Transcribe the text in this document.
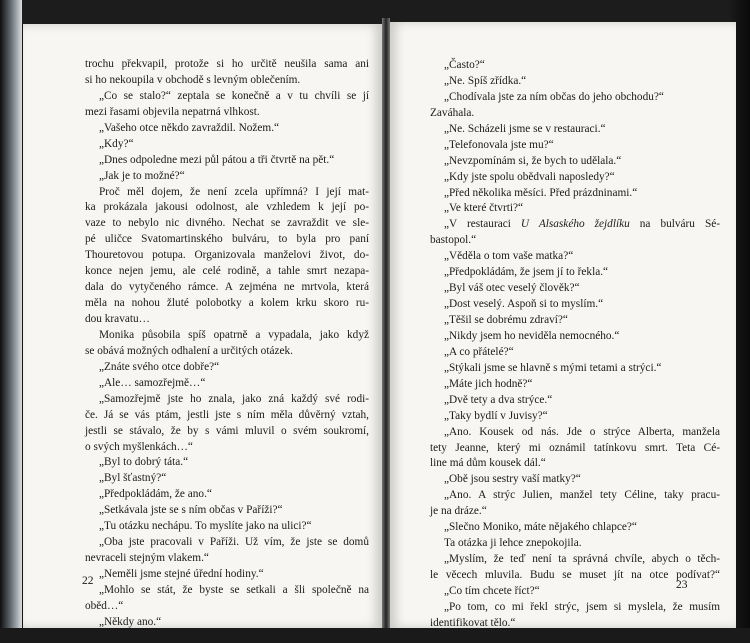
trochu překvapil, protože si ho určitě neušila sama ani
si ho nekoupila v obchodě s levným oblečením.
„Co se stalo?“ zeptala se konečně a v tu chvíli se jí
mezi řasami objevila nepatrná vlhkost.
„Vašeho otce někdo zavraždil. Nožem.“
„Kdy?“
„Dnes odpoledne mezi půl pátou a tři čtvrtě na pět.“
„Jak je to možné?“
Proč měl dojem, že není zcela upřímná? I její mat-
ka prokázala jakousi odolnost, ale vzhledem k její po-
vaze to nebylo nic divného. Nechat se zavraždit ve sle-
pé uličce Svatomartinského bulváru, to byla pro paní
Thouretovou potupa. Organizovala manželovi život, do-
konce nejen jemu, ale celé rodině, a tahle smrt nezapa-
dala do vytyčeného rámce. A zejména ne mrtvola, která
měla na nohou žluté polobotky a kolem krku skoro ru-
dou kravatu…
Monika působila spíš opatrně a vypadala, jako když
se obává možných odhalení a určitých otázek.
„Znáte svého otce dobře?“
„Ale… samozřejmě…“
„Samozřejmě jste ho znala, jako zná každý své rodi-
če. Já se vás ptám, jestli jste s ním měla důvěrný vztah,
jestli se stávalo, že by s vámi mluvil o svém soukromí,
o svých myšlenkách…“
„Byl to dobrý táta.“
„Byl šťastný?“
„Předpokládám, že ano.“
„Setkávala jste se s ním občas v Paříži?“
„Tu otázku nechápu. To myslíte jako na ulici?“
„Oba jste pracovali v Paříži. Už vím, že jste se domů
nevraceli stejným vlakem.“
„Neměli jsme stejné úřední hodiny.“
„Mohlo se stát, že byste se setkali a šli společně na
oběd…“
„Někdy ano.“
22
„Často?“
„Ne. Spíš zřídka.“
„Chodívala jste za ním občas do jeho obchodu?“
Zaváhala.
„Ne. Scházeli jsme se v restauraci.“
„Telefonovala jste mu?“
„Nevzpomínám si, že bych to udělala.“
„Kdy jste spolu obědvali naposledy?“
„Před několika měsíci. Před prázdninami.“
„Ve které čtvrti?“
„V restauraci U Alsaského žejdlíku na bulváru Sé-
bastopol.“
„Věděla o tom vaše matka?“
„Předpokládám, že jsem jí to řekla.“
„Byl váš otec veselý člověk?“
„Dost veselý. Aspoň si to myslím.“
„Těšil se dobrému zdraví?“
„Nikdy jsem ho neviděla nemocného.“
„A co přátelé?“
„Stýkali jsme se hlavně s mými tetami a strýci.“
„Máte jich hodně?“
„Dvě tety a dva strýce.“
„Taky bydlí v Juvisy?“
„Ano. Kousek od nás. Jde o strýce Alberta, manžela
tety Jeanne, který mi oznámil tatínkovu smrt. Teta Cé-
line má dům kousek dál.“
„Obě jsou sestry vaší matky?“
„Ano. A strýc Julien, manžel tety Céline, taky pracu-
je na dráze.“
„Slečno Moniko, máte nějakého chlapce?“
Ta otázka ji lehce znepokojila.
„Myslím, že teď není ta správná chvíle, abych o těch-
le věcech mluvila. Budu se muset jít na otce podívat?“
„Co tím chcete říct?“
„Po tom, co mi řekl strýc, jsem si myslela, že musím
identifikovat tělo.“
23
